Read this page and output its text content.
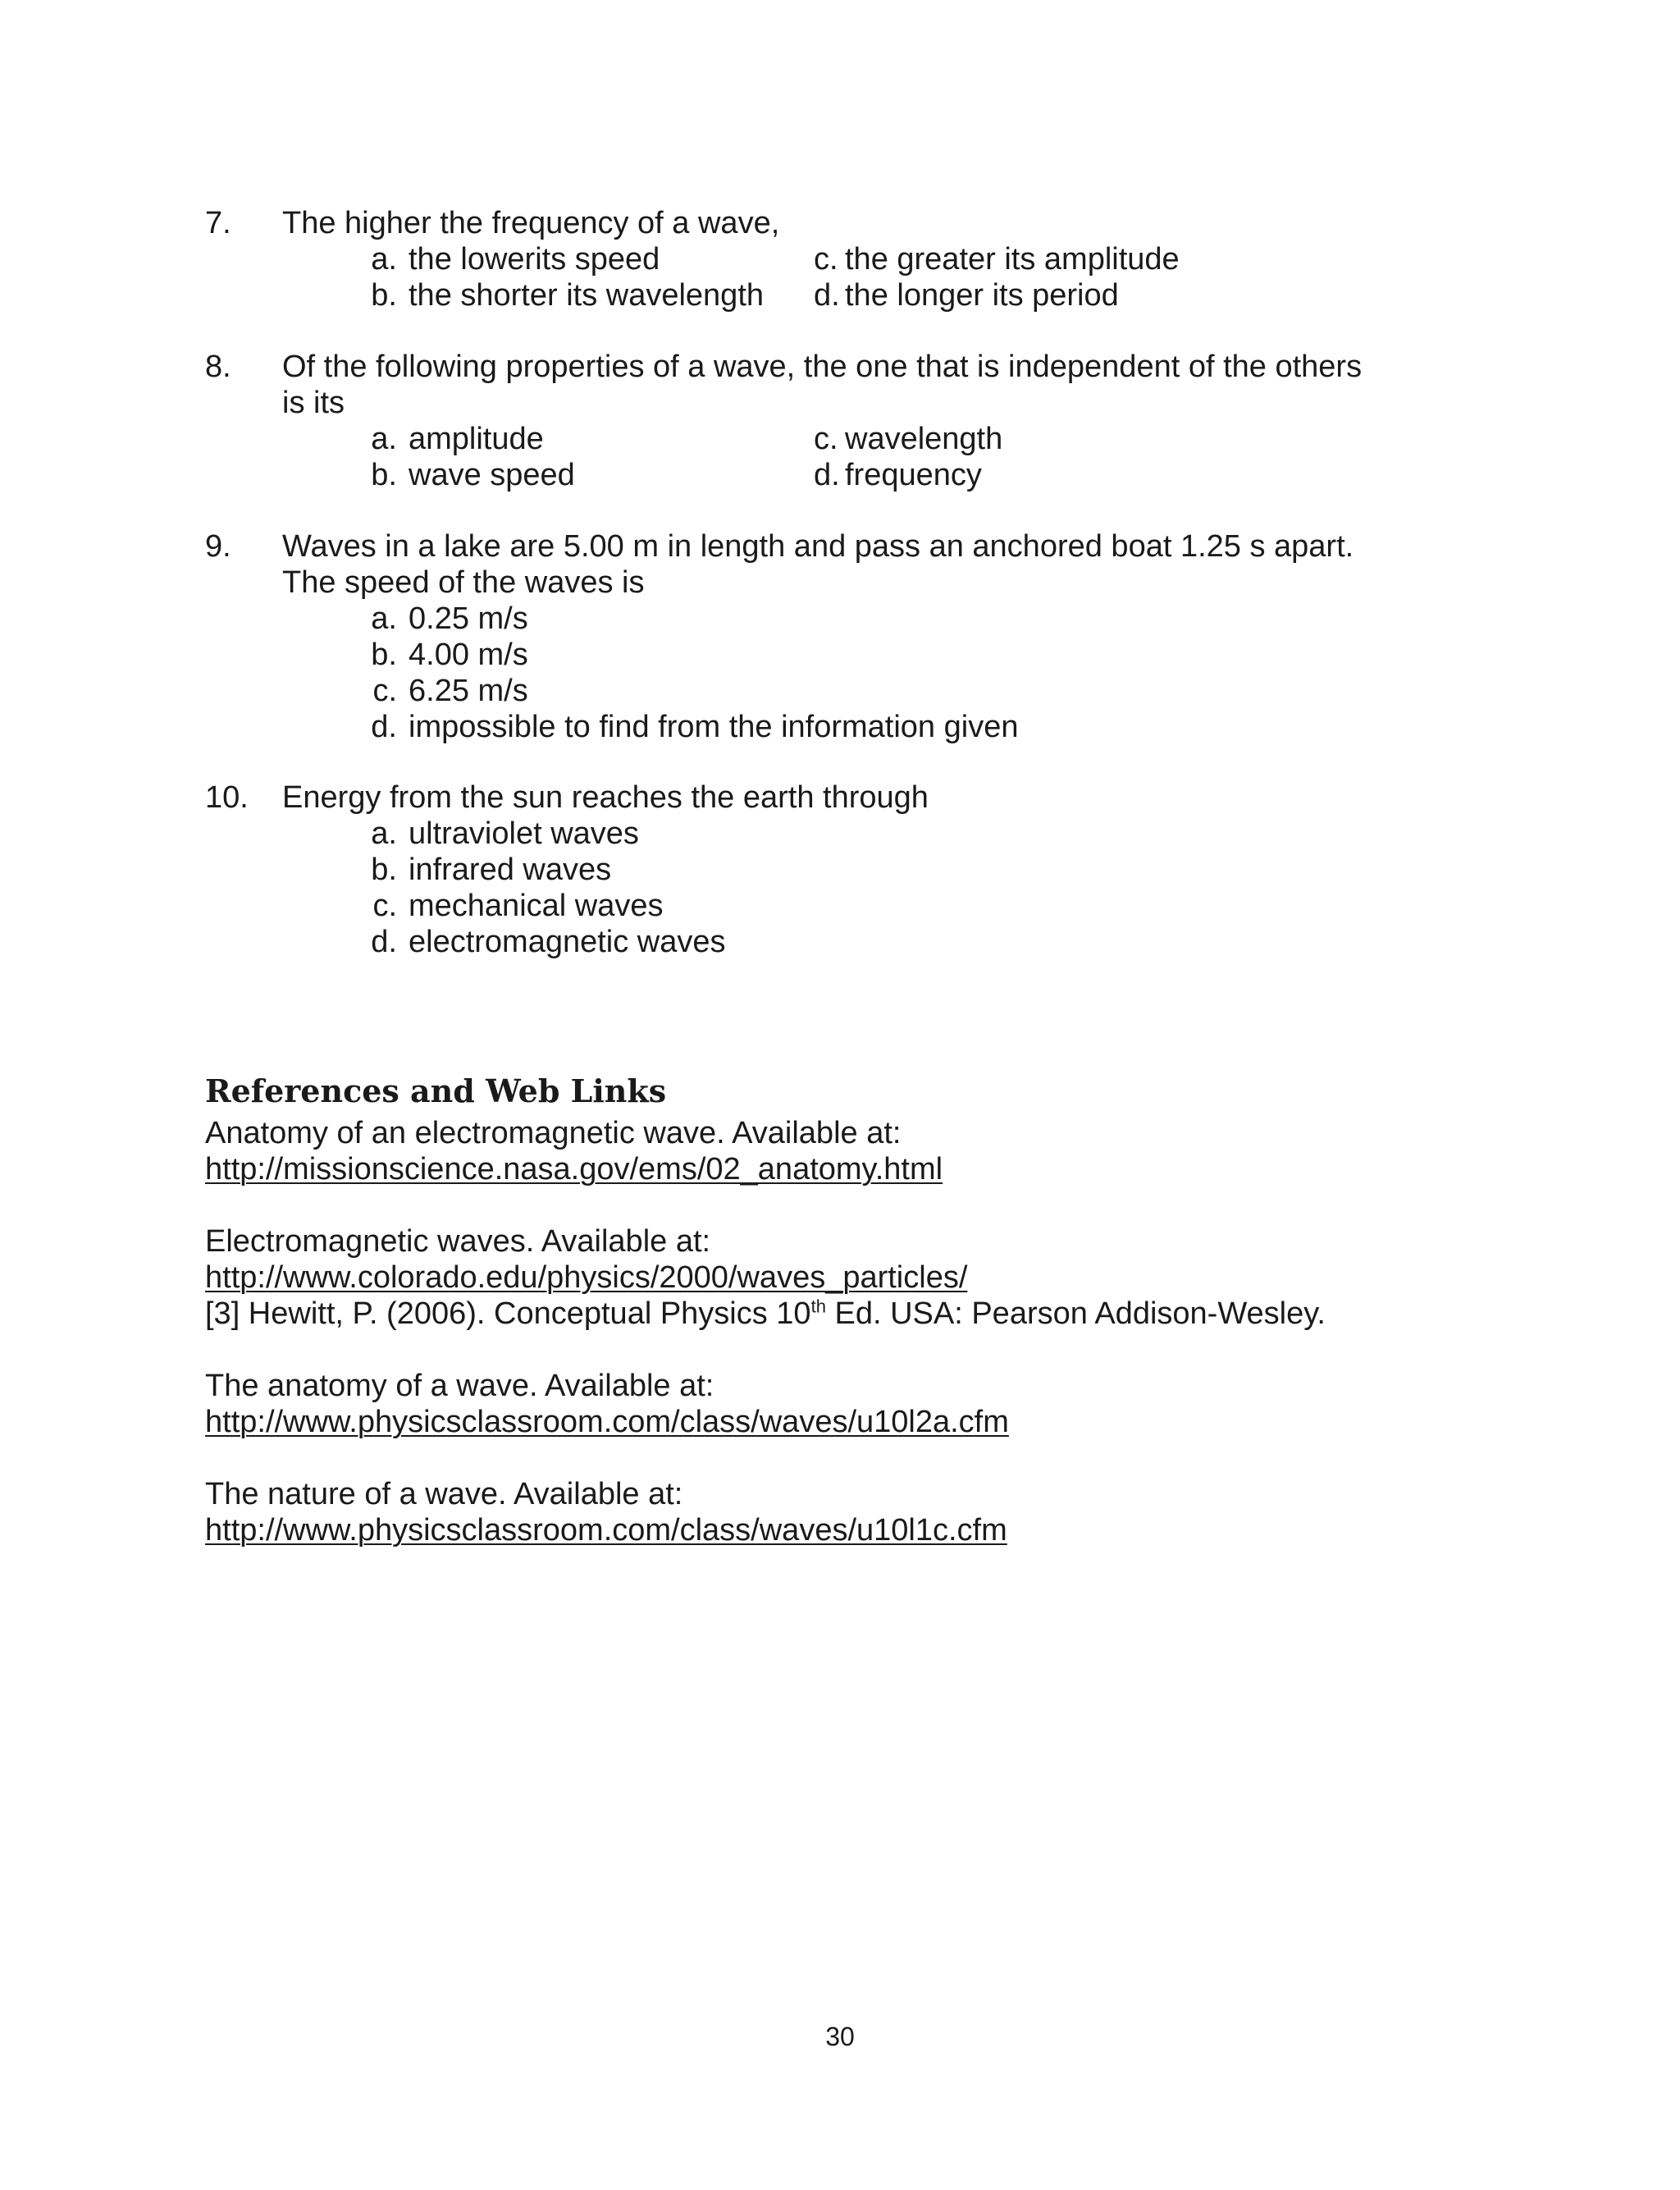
7.	The higher the frequency of a wave,
a. the lowerits speed
b. the shorter its wavelength
c. the greater its amplitude
d. the longer its period
8.	Of the following properties of a wave, the one that is independent of the others
is its
a. amplitude
b. wave speed
c. wavelength
d. frequency
9.	Waves in a lake are 5.00 m in length and pass an anchored boat 1.25 s apart.
The speed of the waves is
a. 0.25 m/s
b. 4.00 m/s
c. 6.25 m/s
d. impossible to find from the information given
10.	Energy from the sun reaches the earth through
a. ultraviolet waves
b. infrared waves
c. mechanical waves
d. electromagnetic waves
References and Web Links
Anatomy of an electromagnetic wave. Available at:
http://missionscience.nasa.gov/ems/02_anatomy.html
Electromagnetic waves. Available at:
http://www.colorado.edu/physics/2000/waves_particles/
[3] Hewitt, P. (2006). Conceptual Physics 10th Ed. USA: Pearson Addison-Wesley.
The anatomy of a wave. Available at:
http://www.physicsclassroom.com/class/waves/u10l2a.cfm
The nature of a wave. Available at:
http://www.physicsclassroom.com/class/waves/u10l1c.cfm
30
